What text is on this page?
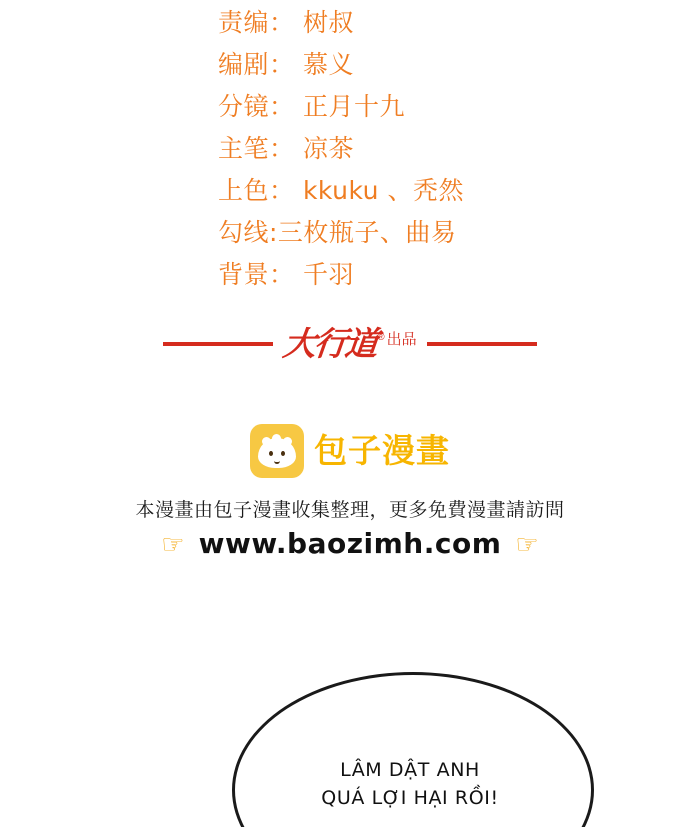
责编： 树叔
编剧： 慕义
分镜： 正月十九
主笔： 凉茶
上色： kkuku 、秃然
勾线:三枚瓶子、曲易
背景： 千羽
大行道
® 出品
包子漫畫
本漫畫由包子漫畫收集整理，更多免費漫畫請訪問
☞ www.baozimh.com ☞
LÂM DẬT ANH
QUÁ LỢI HẠI RỒI!
